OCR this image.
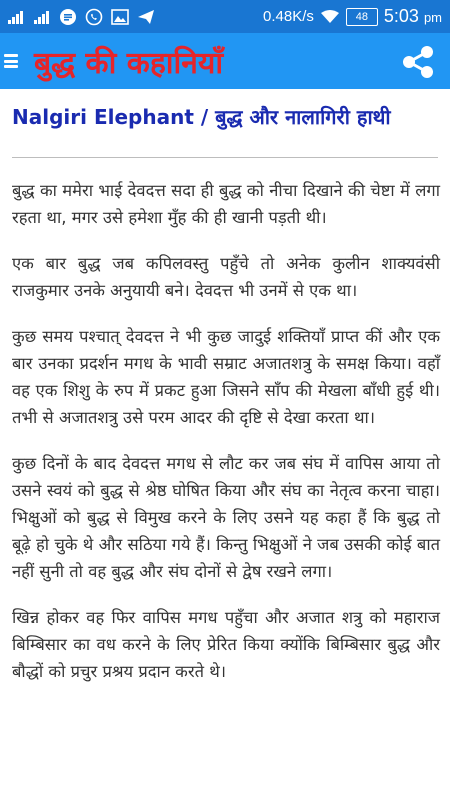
0.48K/s	48 5:03 pm
बुद्ध की कहानियाँ
Nalgiri Elephant / बुद्ध और नालागिरी हाथी

बुद्ध का ममेरा भाई देवदत्त सदा ही बुद्ध को नीचा दिखाने की चेष्टा में लगा रहता था, मगर उसे हमेशा मुँह की ही खानी पड़ती थी।

एक बार बुद्ध जब कपिलवस्तु पहुँचे तो अनेक कुलीन शाक्यवंसी राजकुमार उनके अनुयायी बने। देवदत्त भी उनमें से एक था।

कुछ समय पश्चात् देवदत्त ने भी कुछ जादुई शक्तियाँ प्राप्त कीं और एक बार उनका प्रदर्शन मगध के भावी सम्राट अजातशत्रु के समक्ष किया। वहाँ वह एक शिशु के रुप में प्रकट हुआ जिसने साँप की मेखला बाँधी हुई थी। तभी से अजातशत्रु उसे परम आदर की दृष्टि से देखा करता था।

कुछ दिनों के बाद देवदत्त मगध से लौट कर जब संघ में वापिस आया तो उसने स्वयं को बुद्ध से श्रेष्ठ घोषित किया और संघ का नेतृत्व करना चाहा। भिक्षुओं को बुद्ध से विमुख करने के लिए उसने यह कहा हैं कि बुद्ध तो बूढ़े हो चुके थे और सठिया गये हैं। किन्तु भिक्षुओं ने जब उसकी कोई बात नहीं सुनी तो वह बुद्ध और संघ दोनों से द्वेष रखने लगा।

खिन्न होकर वह फिर वापिस मगध पहुँचा और अजात शत्रु को महाराज बिम्बिसार का वध करने के लिए प्रेरित किया क्योंकि बिम्बिसार बुद्ध और बौद्धों को प्रचुर प्रश्रय प्रदान करते थे।
